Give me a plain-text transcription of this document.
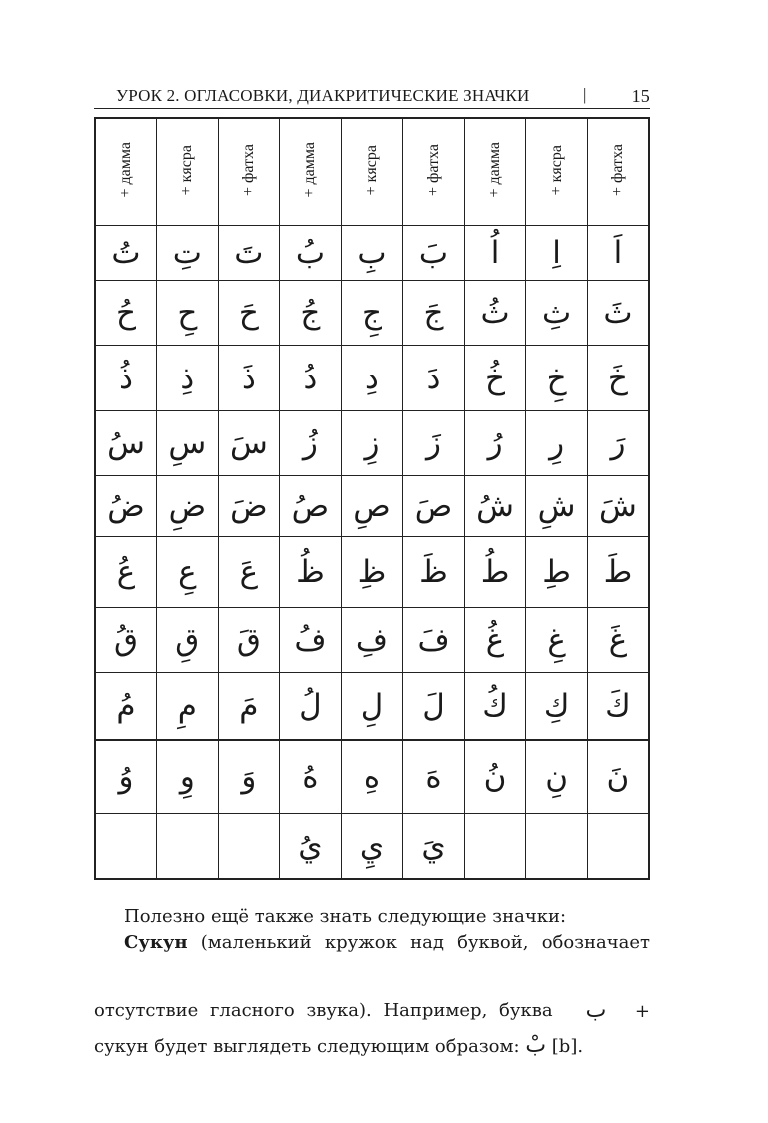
УРОК 2. ОГЛАСОВКИ, ДИАКРИТИЧЕСКИЕ ЗНАЧКИ	| 15
+ дамма	+ кясра	+ фатха	+ дамма	+ кясра	+ фатха	+ дамма	+ кясра	+ фатха
تُ	تِ	تَ	بُ	بِ	بَ	اُ	اِ	اَ
حُ	حِ	حَ	جُ	جِ	جَ	ثُ	ثِ	ثَ
ذُ	ذِ	ذَ	دُ	دِ	دَ	خُ	خِ	خَ
سُ	سِ	سَ	زُ	زِ	زَ	رُ	رِ	رَ
ضُ	ضِ	ضَ	صُ	صِ	صَ	شُ	شِ	شَ
عُ	عِ	عَ	ظُ	ظِ	ظَ	طُ	طِ	طَ
قُ	قِ	قَ	فُ	فِ	فَ	غُ	غِ	غَ
مُ	مِ	مَ	لُ	لِ	لَ	كُ	كِ	كَ
وُ	وِ	وَ	هُ	هِ	هَ	نُ	نِ	نَ
			يُ	يِ	يَ			
Полезно ещё также знать следующие значки:
Сукун (маленький кружок над буквой, обозначает
отсутствие гласного звука). Например, буква ب +
сукун будет выглядеть следующим образом: بْ [b].
